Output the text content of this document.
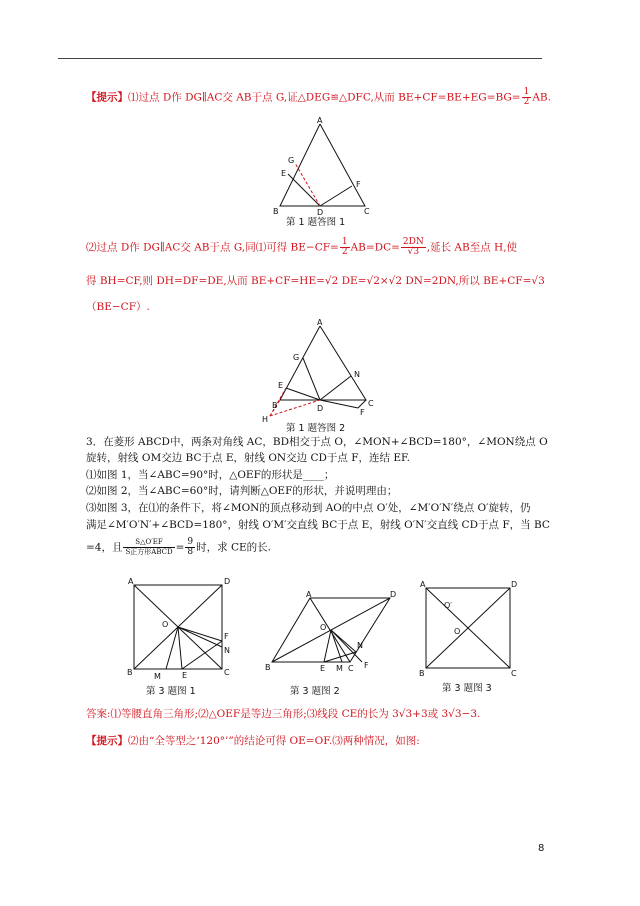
【提示】⑴过点 D作 DG∥AC交 AB于点 G,证△DEG≌△DFC,从而 $BE+CF=BE+EG=BG= \frac{1}{2}$ AB.
A
G
E
F
B	D	C
第 1 题答图 1
⑵过点 D作 DG∥AC交 AB于点 G,同⑴可得 $BE-CF= \frac{1}{2} AB=DC= \frac{2DN}{√3}$ ,延长 AB至点 H,使
得 BH=CF,则 DH=DF=DE,从而 BE+CF=HE=√2 DE=√2×√2 DN=2DN,所以 BE+CF=√3
（BE−CF）.
A
G
N
E
B	D	F
C
H
第 1 题答图 2
3．在菱形 ABCD中，两条对角线 AC，BD相交于点 O，∠MON+∠BCD=180°，∠MON绕点 O
旋转，射线 OM交边 BC于点 E，射线 ON交边 CD于点 F，连结 EF.
⑴如图 1，当∠ABC=90°时，△OEF的形状是____；
⑵如图 2，当∠ABC=60°时，请判断△OEF的形状，并说明理由；
⑶如图 3，在⑴的条件下，将∠MON的顶点移动到 AO的中点 O′处，∠M′O′N′绕点 O′旋转，仍
满足∠M′O′N′+∠BCD=180°，射线 O′M′交直线 BC于点 E，射线 O′N′交直线 CD于点 F，当 BC
=4，且 $\frac{S\triangle O'EF}{\text{S正方形ABCD}} = \frac{9}{8}$ 时，求 CE的长.
A	D
O
F
B	M	E	C
N
第 3 题图 1
A	D
O
N
B	E M C F
第 3 题图 2
A	D
O′
O
B	C
第 3 题图 3
答案:⑴等腰直角三角形;⑵△OEF是等边三角形;⑶线段 CE的长为 3√3+3或 3√3−3.
【提示】⑵由“全等型之‘120°’”的结论可得 OE=OF.⑶两种情况，如图:
8
